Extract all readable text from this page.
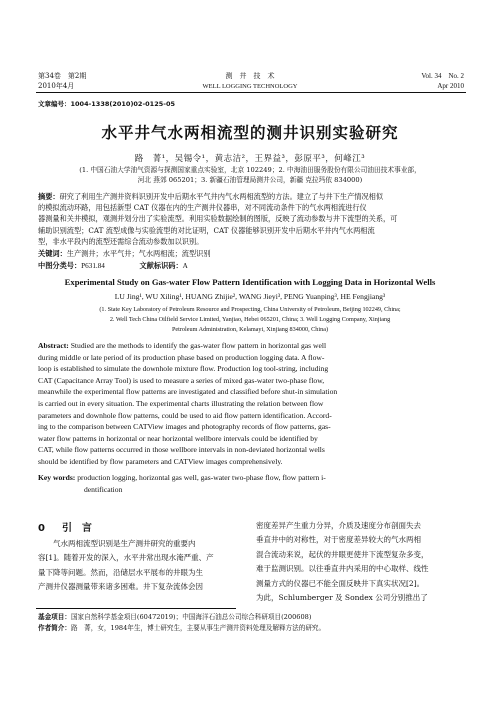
第34卷　第2期
2010年4月
测　井　技　术
WELL LOGGING TECHNOLOGY
Vol. 34　No. 2
Apr 2010
文章编号：1004-1338(2010)02-0125-05
水平井气水两相流型的测井识别实验研究
路　菁¹，吴锡令¹，黄志洁²，王界益³，彭原平³，何峰江³
(1. 中国石油大学油气资源与探测国家重点实验室，北京 102249；2. 中海油田服务股份有限公司油田技术事业部，
河北 燕郊 065201；3. 新疆石油管理局测井公司，新疆 克拉玛依 834000)
摘要：研究了利用生产测井资料识别开发中后期水平气井内气水两相流型的方法。建立了与井下生产情况相似
的模拟流动环路，用包括新型 CAT 仪器在内的生产测井仪器串，对不同流动条件下的气水两相流进行仪
器测量和关井模拟，观测并划分出了实验流型。利用实验数据绘制的图版，反映了流动参数与井下流型的关系，可
辅助识别流型；CAT 流型成像与实验流型的对比证明，CAT 仪器能够识别开发中后期水平井内气水两相流
型，非水平段内的流型还需综合流动参数加以识别。
关键词：生产测井；水平气井；气水两相流；流型识别
中图分类号：P631.84	文献标识码：A
Experimental Study on Gas-water Flow Pattern Identification with Logging Data in Horizontal Wells
LU Jing¹, WU Xiling¹, HUANG Zhijie², WANG Jieyi³, PENG Yuanping³, HE Fengjiang³
(1. State Key Laboratory of Petroleum Resource and Prospecting, China University of Petroleum, Beijing 102249, China;
2. Well Tech China Oilfield Service Limited, Yanjiao, Hebei 065201, China; 3. Well Logging Company, Xinjiang
Petroleum Administration, Kelamayi, Xinjiang 834000, China)
Abstract: Studied are the methods to identify the gas-water flow pattern in horizontal gas well
during middle or late period of its production phase based on production logging data. A flow-
loop is established to simulate the downhole mixture flow. Production log tool-string, including
CAT (Capacitance Array Tool) is used to measure a series of mixed gas-water two-phase flow,
meanwhile the experimental flow patterns are investigated and classified before shut-in simulation
is carried out in every situation. The experimental charts illustrating the relation between flow
parameters and downhole flow patterns, could be used to aid flow pattern identification. Accord-
ing to the comparison between CATView images and photography records of flow patterns, gas-
water flow patterns in horizontal or near horizontal wellbore intervals could be identified by
CAT, while flow patterns occurred in those wellbore intervals in non-deviated horizontal wells
should be identified by flow parameters and CATView images comprehensively.
Key words: production logging, horizontal gas well, gas-water two-phase flow, flow pattern i-
dentification
0 引　言
　　气水两相流型识别是生产测井研究的重要内
容[1]。随着开发的深入，水平井常出现水淹严重、产
量下降等问题。然而，沿储层水平展布的井眼为生
产测井仪器测量带来诸多困难。井下复杂流体会因
密度差异产生重力分异，介质及速度分布剖面失去
垂直井中的对称性，对于密度差异较大的气水两相
混合流动来说，起伏的井眼更使井下流型复杂多变，
难于监测识别。以往垂直井内采用的中心取样、线性
测量方式的仪器已不能全面反映井下真实状况[2]。
为此，Schlumberger 及 Sondex 公司分别推出了
基金项目：国家自然科学基金项目(60472019)；中国海洋石油总公司综合科研项目(200608)
作者简介：路　菁，女，1984年生，博士研究生，主要从事生产测井资料处理及解释方法的研究。
